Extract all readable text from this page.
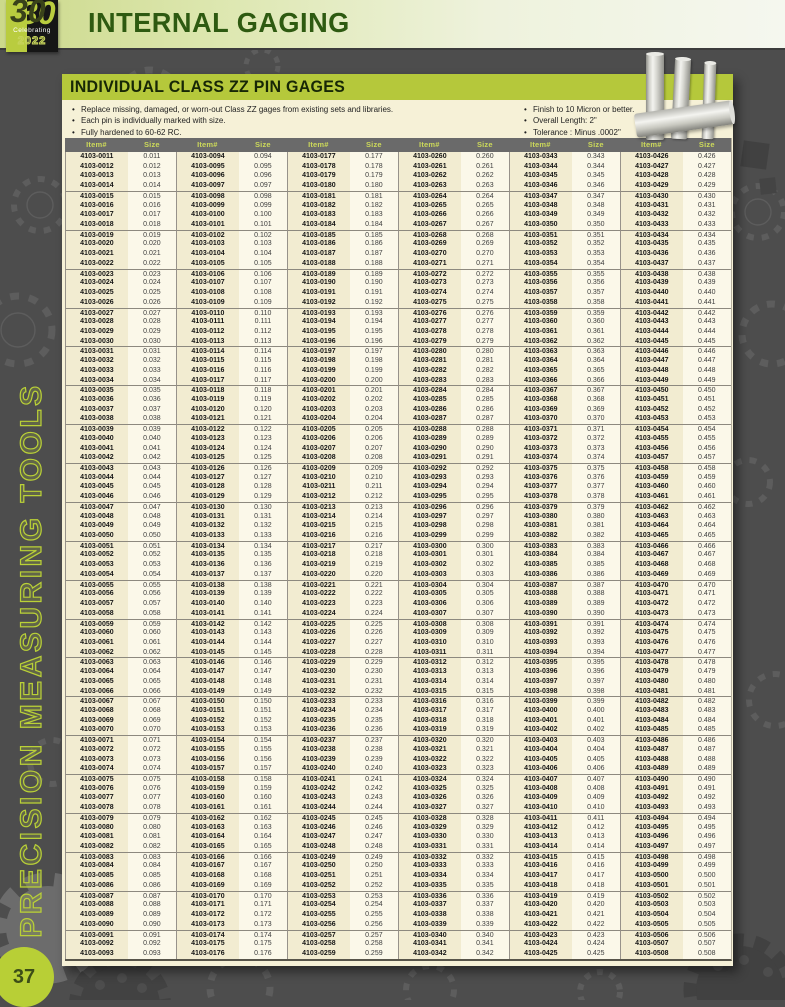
INTERNAL GAGING
30
Celebrating
2022
PRECISION MEASURING TOOLS
37
INDIVIDUAL CLASS ZZ PIN GAGES
• Replace missing, damaged, or worn-out Class ZZ gages from existing sets and libraries.
• Each pin is individually marked with size.
• Fully hardened to 60-62 RC.
• Finish to 10 Micron or better.
• Overall Length: 2"
• Tolerance : Minus .0002"
Item#	Size	Item#	Size	Item#	Size	Item#	Size	Item#	Size	Item#	Size
4103-0011	0.011	4103-0094	0.094	4103-0177	0.177	4103-0260	0.260	4103-0343	0.343	4103-0426	0.426
4103-0012	0.012	4103-0095	0.095	4103-0178	0.178	4103-0261	0.261	4103-0344	0.344	4103-0427	0.427
4103-0013	0.013	4103-0096	0.096	4103-0179	0.179	4103-0262	0.262	4103-0345	0.345	4103-0428	0.428
4103-0014	0.014	4103-0097	0.097	4103-0180	0.180	4103-0263	0.263	4103-0346	0.346	4103-0429	0.429
4103-0015	0.015	4103-0098	0.098	4103-0181	0.181	4103-0264	0.264	4103-0347	0.347	4103-0430	0.430
4103-0016	0.016	4103-0099	0.099	4103-0182	0.182	4103-0265	0.265	4103-0348	0.348	4103-0431	0.431
4103-0017	0.017	4103-0100	0.100	4103-0183	0.183	4103-0266	0.266	4103-0349	0.349	4103-0432	0.432
4103-0018	0.018	4103-0101	0.101	4103-0184	0.184	4103-0267	0.267	4103-0350	0.350	4103-0433	0.433
4103-0019	0.019	4103-0102	0.102	4103-0185	0.185	4103-0268	0.268	4103-0351	0.351	4103-0434	0.434
4103-0020	0.020	4103-0103	0.103	4103-0186	0.186	4103-0269	0.269	4103-0352	0.352	4103-0435	0.435
4103-0021	0.021	4103-0104	0.104	4103-0187	0.187	4103-0270	0.270	4103-0353	0.353	4103-0436	0.436
4103-0022	0.022	4103-0105	0.105	4103-0188	0.188	4103-0271	0.271	4103-0354	0.354	4103-0437	0.437
4103-0023	0.023	4103-0106	0.106	4103-0189	0.189	4103-0272	0.272	4103-0355	0.355	4103-0438	0.438
4103-0024	0.024	4103-0107	0.107	4103-0190	0.190	4103-0273	0.273	4103-0356	0.356	4103-0439	0.439
4103-0025	0.025	4103-0108	0.108	4103-0191	0.191	4103-0274	0.274	4103-0357	0.357	4103-0440	0.440
4103-0026	0.026	4103-0109	0.109	4103-0192	0.192	4103-0275	0.275	4103-0358	0.358	4103-0441	0.441
4103-0027	0.027	4103-0110	0.110	4103-0193	0.193	4103-0276	0.276	4103-0359	0.359	4103-0442	0.442
4103-0028	0.028	4103-0111	0.111	4103-0194	0.194	4103-0277	0.277	4103-0360	0.360	4103-0443	0.443
4103-0029	0.029	4103-0112	0.112	4103-0195	0.195	4103-0278	0.278	4103-0361	0.361	4103-0444	0.444
4103-0030	0.030	4103-0113	0.113	4103-0196	0.196	4103-0279	0.279	4103-0362	0.362	4103-0445	0.445
4103-0031	0.031	4103-0114	0.114	4103-0197	0.197	4103-0280	0.280	4103-0363	0.363	4103-0446	0.446
4103-0032	0.032	4103-0115	0.115	4103-0198	0.198	4103-0281	0.281	4103-0364	0.364	4103-0447	0.447
4103-0033	0.033	4103-0116	0.116	4103-0199	0.199	4103-0282	0.282	4103-0365	0.365	4103-0448	0.448
4103-0034	0.034	4103-0117	0.117	4103-0200	0.200	4103-0283	0.283	4103-0366	0.366	4103-0449	0.449
4103-0035	0.035	4103-0118	0.118	4103-0201	0.201	4103-0284	0.284	4103-0367	0.367	4103-0450	0.450
4103-0036	0.036	4103-0119	0.119	4103-0202	0.202	4103-0285	0.285	4103-0368	0.368	4103-0451	0.451
4103-0037	0.037	4103-0120	0.120	4103-0203	0.203	4103-0286	0.286	4103-0369	0.369	4103-0452	0.452
4103-0038	0.038	4103-0121	0.121	4103-0204	0.204	4103-0287	0.287	4103-0370	0.370	4103-0453	0.453
4103-0039	0.039	4103-0122	0.122	4103-0205	0.205	4103-0288	0.288	4103-0371	0.371	4103-0454	0.454
4103-0040	0.040	4103-0123	0.123	4103-0206	0.206	4103-0289	0.289	4103-0372	0.372	4103-0455	0.455
4103-0041	0.041	4103-0124	0.124	4103-0207	0.207	4103-0290	0.290	4103-0373	0.373	4103-0456	0.456
4103-0042	0.042	4103-0125	0.125	4103-0208	0.208	4103-0291	0.291	4103-0374	0.374	4103-0457	0.457
4103-0043	0.043	4103-0126	0.126	4103-0209	0.209	4103-0292	0.292	4103-0375	0.375	4103-0458	0.458
4103-0044	0.044	4103-0127	0.127	4103-0210	0.210	4103-0293	0.293	4103-0376	0.376	4103-0459	0.459
4103-0045	0.045	4103-0128	0.128	4103-0211	0.211	4103-0294	0.294	4103-0377	0.377	4103-0460	0.460
4103-0046	0.046	4103-0129	0.129	4103-0212	0.212	4103-0295	0.295	4103-0378	0.378	4103-0461	0.461
4103-0047	0.047	4103-0130	0.130	4103-0213	0.213	4103-0296	0.296	4103-0379	0.379	4103-0462	0.462
4103-0048	0.048	4103-0131	0.131	4103-0214	0.214	4103-0297	0.297	4103-0380	0.380	4103-0463	0.463
4103-0049	0.049	4103-0132	0.132	4103-0215	0.215	4103-0298	0.298	4103-0381	0.381	4103-0464	0.464
4103-0050	0.050	4103-0133	0.133	4103-0216	0.216	4103-0299	0.299	4103-0382	0.382	4103-0465	0.465
4103-0051	0.051	4103-0134	0.134	4103-0217	0.217	4103-0300	0.300	4103-0383	0.383	4103-0466	0.466
4103-0052	0.052	4103-0135	0.135	4103-0218	0.218	4103-0301	0.301	4103-0384	0.384	4103-0467	0.467
4103-0053	0.053	4103-0136	0.136	4103-0219	0.219	4103-0302	0.302	4103-0385	0.385	4103-0468	0.468
4103-0054	0.054	4103-0137	0.137	4103-0220	0.220	4103-0303	0.303	4103-0386	0.386	4103-0469	0.469
4103-0055	0.055	4103-0138	0.138	4103-0221	0.221	4103-0304	0.304	4103-0387	0.387	4103-0470	0.470
4103-0056	0.056	4103-0139	0.139	4103-0222	0.222	4103-0305	0.305	4103-0388	0.388	4103-0471	0.471
4103-0057	0.057	4103-0140	0.140	4103-0223	0.223	4103-0306	0.306	4103-0389	0.389	4103-0472	0.472
4103-0058	0.058	4103-0141	0.141	4103-0224	0.224	4103-0307	0.307	4103-0390	0.390	4103-0473	0.473
4103-0059	0.059	4103-0142	0.142	4103-0225	0.225	4103-0308	0.308	4103-0391	0.391	4103-0474	0.474
4103-0060	0.060	4103-0143	0.143	4103-0226	0.226	4103-0309	0.309	4103-0392	0.392	4103-0475	0.475
4103-0061	0.061	4103-0144	0.144	4103-0227	0.227	4103-0310	0.310	4103-0393	0.393	4103-0476	0.476
4103-0062	0.062	4103-0145	0.145	4103-0228	0.228	4103-0311	0.311	4103-0394	0.394	4103-0477	0.477
4103-0063	0.063	4103-0146	0.146	4103-0229	0.229	4103-0312	0.312	4103-0395	0.395	4103-0478	0.478
4103-0064	0.064	4103-0147	0.147	4103-0230	0.230	4103-0313	0.313	4103-0396	0.396	4103-0479	0.479
4103-0065	0.065	4103-0148	0.148	4103-0231	0.231	4103-0314	0.314	4103-0397	0.397	4103-0480	0.480
4103-0066	0.066	4103-0149	0.149	4103-0232	0.232	4103-0315	0.315	4103-0398	0.398	4103-0481	0.481
4103-0067	0.067	4103-0150	0.150	4103-0233	0.233	4103-0316	0.316	4103-0399	0.399	4103-0482	0.482
4103-0068	0.068	4103-0151	0.151	4103-0234	0.234	4103-0317	0.317	4103-0400	0.400	4103-0483	0.483
4103-0069	0.069	4103-0152	0.152	4103-0235	0.235	4103-0318	0.318	4103-0401	0.401	4103-0484	0.484
4103-0070	0.070	4103-0153	0.153	4103-0236	0.236	4103-0319	0.319	4103-0402	0.402	4103-0485	0.485
4103-0071	0.071	4103-0154	0.154	4103-0237	0.237	4103-0320	0.320	4103-0403	0.403	4103-0486	0.486
4103-0072	0.072	4103-0155	0.155	4103-0238	0.238	4103-0321	0.321	4103-0404	0.404	4103-0487	0.487
4103-0073	0.073	4103-0156	0.156	4103-0239	0.239	4103-0322	0.322	4103-0405	0.405	4103-0488	0.488
4103-0074	0.074	4103-0157	0.157	4103-0240	0.240	4103-0323	0.323	4103-0406	0.406	4103-0489	0.489
4103-0075	0.075	4103-0158	0.158	4103-0241	0.241	4103-0324	0.324	4103-0407	0.407	4103-0490	0.490
4103-0076	0.076	4103-0159	0.159	4103-0242	0.242	4103-0325	0.325	4103-0408	0.408	4103-0491	0.491
4103-0077	0.077	4103-0160	0.160	4103-0243	0.243	4103-0326	0.326	4103-0409	0.409	4103-0492	0.492
4103-0078	0.078	4103-0161	0.161	4103-0244	0.244	4103-0327	0.327	4103-0410	0.410	4103-0493	0.493
4103-0079	0.079	4103-0162	0.162	4103-0245	0.245	4103-0328	0.328	4103-0411	0.411	4103-0494	0.494
4103-0080	0.080	4103-0163	0.163	4103-0246	0.246	4103-0329	0.329	4103-0412	0.412	4103-0495	0.495
4103-0081	0.081	4103-0164	0.164	4103-0247	0.247	4103-0330	0.330	4103-0413	0.413	4103-0496	0.496
4103-0082	0.082	4103-0165	0.165	4103-0248	0.248	4103-0331	0.331	4103-0414	0.414	4103-0497	0.497
4103-0083	0.083	4103-0166	0.166	4103-0249	0.249	4103-0332	0.332	4103-0415	0.415	4103-0498	0.498
4103-0084	0.084	4103-0167	0.167	4103-0250	0.250	4103-0333	0.333	4103-0416	0.416	4103-0499	0.499
4103-0085	0.085	4103-0168	0.168	4103-0251	0.251	4103-0334	0.334	4103-0417	0.417	4103-0500	0.500
4103-0086	0.086	4103-0169	0.169	4103-0252	0.252	4103-0335	0.335	4103-0418	0.418	4103-0501	0.501
4103-0087	0.087	4103-0170	0.170	4103-0253	0.253	4103-0336	0.336	4103-0419	0.419	4103-0502	0.502
4103-0088	0.088	4103-0171	0.171	4103-0254	0.254	4103-0337	0.337	4103-0420	0.420	4103-0503	0.503
4103-0089	0.089	4103-0172	0.172	4103-0255	0.255	4103-0338	0.338	4103-0421	0.421	4103-0504	0.504
4103-0090	0.090	4103-0173	0.173	4103-0256	0.256	4103-0339	0.339	4103-0422	0.422	4103-0505	0.505
4103-0091	0.091	4103-0174	0.174	4103-0257	0.257	4103-0340	0.340	4103-0423	0.423	4103-0506	0.506
4103-0092	0.092	4103-0175	0.175	4103-0258	0.258	4103-0341	0.341	4103-0424	0.424	4103-0507	0.507
4103-0093	0.093	4103-0176	0.176	4103-0259	0.259	4103-0342	0.342	4103-0425	0.425	4103-0508	0.508
